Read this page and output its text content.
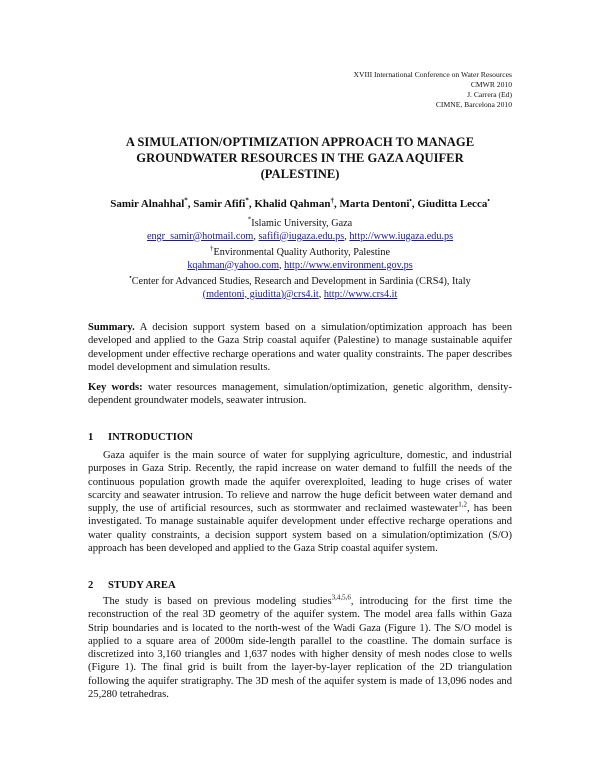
XVIII International Conference on Water Resources
CMWR 2010
J. Carrera (Ed)
CIMNE, Barcelona 2010
A SIMULATION/OPTIMIZATION APPROACH TO MANAGE
GROUNDWATER RESOURCES IN THE GAZA AQUIFER
(PALESTINE)
Samir Alnahhal*, Samir Afifi*, Khalid Qahman†, Marta Dentoni•, Giuditta Lecca•
*Islamic University, Gaza
engr_samir@hotmail.com, safifi@iugaza.edu.ps, http://www.iugaza.edu.ps
†Environmental Quality Authority, Palestine
kqahman@yahoo.com, http://www.environment.gov.ps
•Center for Advanced Studies, Research and Development in Sardinia (CRS4), Italy
(mdentoni, giuditta)@crs4.it, http://www.crs4.it
Summary. A decision support system based on a simulation/optimization approach has been developed and applied to the Gaza Strip coastal aquifer (Palestine) to manage sustainable aquifer development under effective recharge operations and water quality constraints. The paper describes model development and simulation results.
Key words: water resources management, simulation/optimization, genetic algorithm, density-dependent groundwater models, seawater intrusion.
1 INTRODUCTION
Gaza aquifer is the main source of water for supplying agriculture, domestic, and industrial purposes in Gaza Strip. Recently, the rapid increase on water demand to fulfill the needs of the continuous population growth made the aquifer overexploited, leading to huge crises of water scarcity and seawater intrusion. To relieve and narrow the huge deficit between water demand and supply, the use of artificial resources, such as stormwater and reclaimed wastewater$^{1,2}$, has been investigated. To manage sustainable aquifer development under effective recharge operations and water quality constraints, a decision support system based on a simulation/optimization (S/O) approach has been developed and applied to the Gaza Strip coastal aquifer system.
2 STUDY AREA
The study is based on previous modeling studies$^{3,4,5,6}$, introducing for the first time the reconstruction of the real 3D geometry of the aquifer system. The model area falls within Gaza Strip boundaries and is located to the north-west of the Wadi Gaza (Figure 1). The S/O model is applied to a square area of 2000m side-length parallel to the coastline. The domain surface is discretized into 3,160 triangles and 1,637 nodes with higher density of mesh nodes close to wells (Figure 1). The final grid is built from the layer-by-layer replication of the 2D triangulation following the aquifer stratigraphy. The 3D mesh of the aquifer system is made of 13,096 nodes and 25,280 tetrahedras.
